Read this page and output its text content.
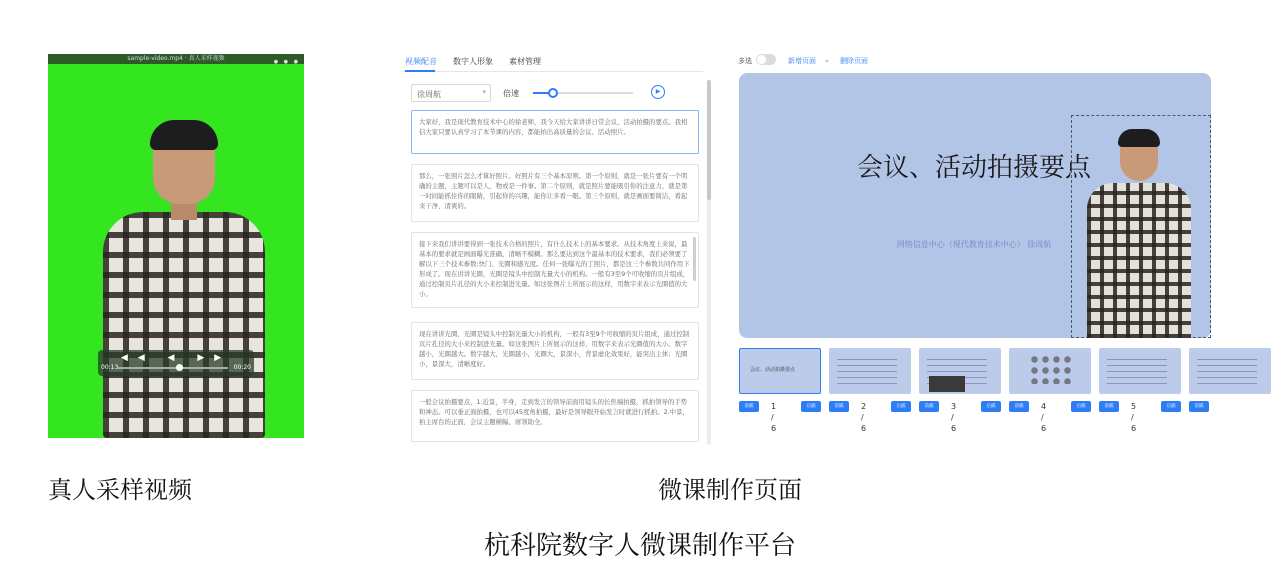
sample-video.mp4 · 真人采样视频	● ● ●
◀◀ ◀ ▶▶
00:13	00:20
视频配音 数字人形象 素材管理
徐周航	▾ 倍速	▶
大家好，我是现代教育技术中心的徐老师，我今天给大家讲讲日常会议、活动拍摄的要点。我相信大家只要认真学习了本节课的内容，都能拍出高质量的会议、活动照片。
那么，一张照片怎么才算好照片。好照片有三个基本原则。第一个原则，就是一张片要有一个明确的主题，主题可以是人、物或是一件事。第二个原则，就是照片要能吸引你的注意力，就是第一时间能抓住你的眼睛，引起你的兴趣，能你让多看一眼。第三个原则，就是画面要简洁，看起来干净、清爽的。
接下来我们讲讲要得到一张技术合格的照片，有什么技术上的基本要求。从技术角度上来说，最基本的要求就是画面曝光准确，清晰不模糊。那么要达到这个最基本的技术要求，我们必须要了解以下三个技术参数:快门、光圈和感光度。任何一张曝光的了照片，都是这三个参数共同作用下形成了。现在讲讲光圈，光圈是镜头中控制光量大小的机构。一般有3至9个可收缩的页片组成，通过控制页片孔径的大小来控制进光量。如这张图片上所展示的这样，用数字来表示光圈值的大小。
现在讲讲光圈，光圈是镜头中控制光量大小的机构，一般有3至9个可收缩的页片组成，通过控制页片孔径的大小来控制进光量。如这张图片上所展示的这样，用数字来表示光圈值的大小。数字越小，光圈越大。数字越大，光圈越小，光圈大，景深小，背景虚化效果好，能突出主体；光圈小，景深大，清晰度好。
一般会议拍摄要点，1.近景，半身，走到发言的领导前面用镜头的长焦端拍摄，抓拍领导的手势和神态。可以垂正面拍摄，也可以45度角拍摄，最好是领导眼开始发言时就进行抓拍。2.中景，拍主席台的正面，会议主题横幅、席领助全。
多选	新增页面 ⌄ 删除页面
会议、活动拍摄要点
网络信息中心（现代教育技术中心） 徐周航
会议、活动拍摄要点
前插	1 / 6
后插	前插	2 / 6
后插	前插	3 / 6
后插	前插	4 / 6
后插	前插	5 / 6
后插	前插
真人采样视频	微课制作页面
杭科院数字人微课制作平台
